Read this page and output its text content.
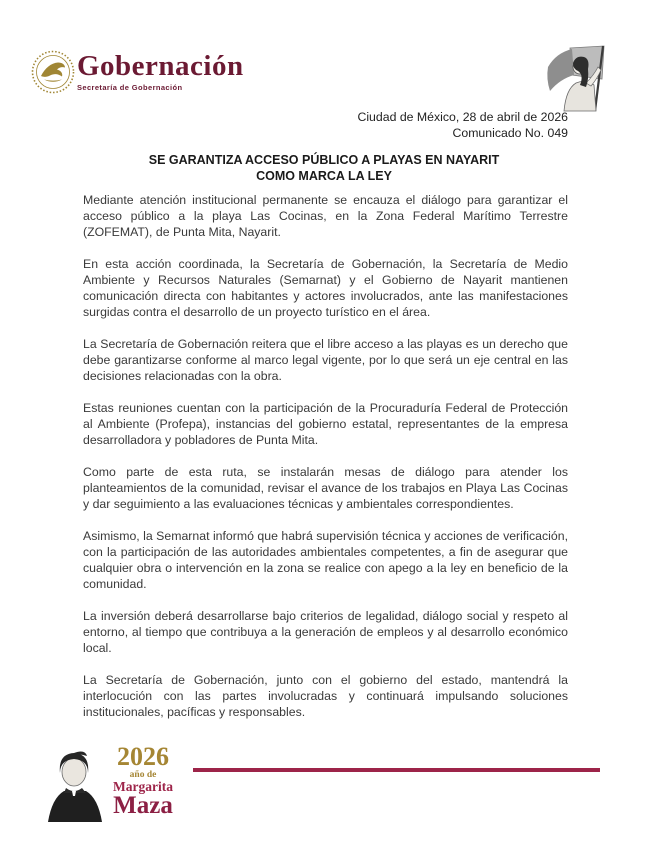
Gobernación
Secretaría de Gobernación
Ciudad de México, 28 de abril de 2026
Comunicado No. 049
SE GARANTIZA ACCESO PÚBLICO A PLAYAS EN NAYARIT
COMO MARCA LA LEY

Mediante atención institucional permanente se encauza el diálogo para garantizar el acceso público a la playa Las Cocinas, en la Zona Federal Marítimo Terrestre (ZOFEMAT), de Punta Mita, Nayarit.

En esta acción coordinada, la Secretaría de Gobernación, la Secretaría de Medio Ambiente y Recursos Naturales (Semarnat) y el Gobierno de Nayarit mantienen comunicación directa con habitantes y actores involucrados, ante las manifestaciones surgidas contra el desarrollo de un proyecto turístico en el área.

La Secretaría de Gobernación reitera que el libre acceso a las playas es un derecho que debe garantizarse conforme al marco legal vigente, por lo que será un eje central en las decisiones relacionadas con la obra.

Estas reuniones cuentan con la participación de la Procuraduría Federal de Protección al Ambiente (Profepa), instancias del gobierno estatal, representantes de la empresa desarrolladora y pobladores de Punta Mita.

Como parte de esta ruta, se instalarán mesas de diálogo para atender los planteamientos de la comunidad, revisar el avance de los trabajos en Playa Las Cocinas y dar seguimiento a las evaluaciones técnicas y ambientales correspondientes.

Asimismo, la Semarnat informó que habrá supervisión técnica y acciones de verificación, con la participación de las autoridades ambientales competentes, a fin de asegurar que cualquier obra o intervención en la zona se realice con apego a la ley en beneficio de la comunidad.

La inversión deberá desarrollarse bajo criterios de legalidad, diálogo social y respeto al entorno, al tiempo que contribuya a la generación de empleos y al desarrollo económico local.

La Secretaría de Gobernación, junto con el gobierno del estado, mantendrá la interlocución con las partes involucradas y continuará impulsando soluciones institucionales, pacíficas y responsables.

2026
año de
Margarita
Maza
